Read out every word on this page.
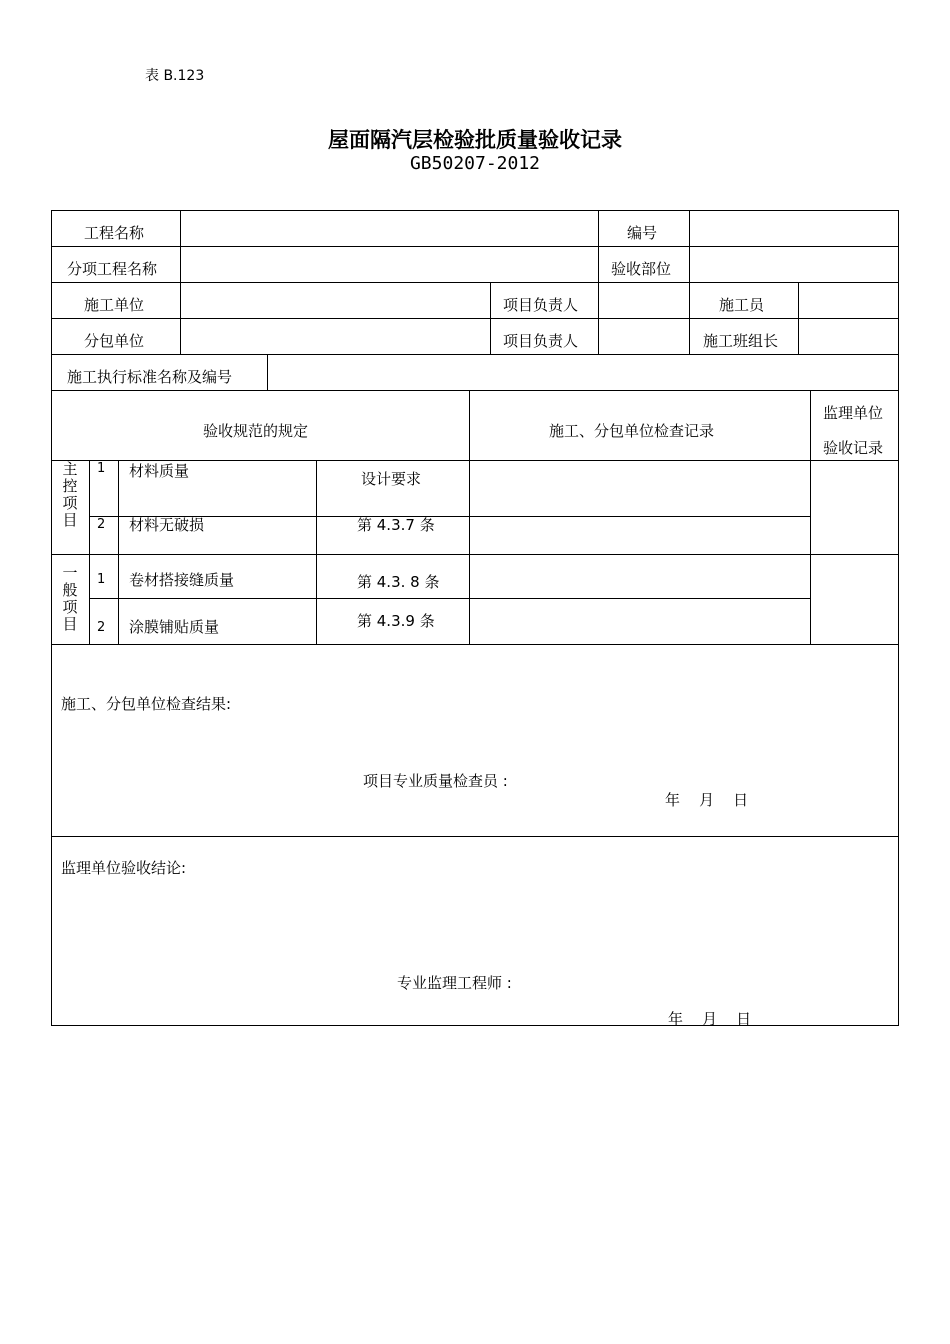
表 B.123
屋面隔汽层检验批质量验收记录
GB50207-2012
工程名称	编号
分项工程名称	验收部位
施工单位	项目负责人	施工员
分包单位	项目负责人	施工班组长
施工执行标准名称及编号
验收规范的规定	施工、分包单位检查记录
监理单位
验收记录
主控项目
1 材料质量	设计要求
2 材料无破损	第 4.3.7 条
一般项目
1 卷材搭接缝质量	第 4.3. 8 条
2 涂膜铺贴质量	第 4.3.9 条
施工、分包单位检查结果:
项目专业质量检查员 :
年    月    日
监理单位验收结论:
专业监理工程师 :
年    月    日
